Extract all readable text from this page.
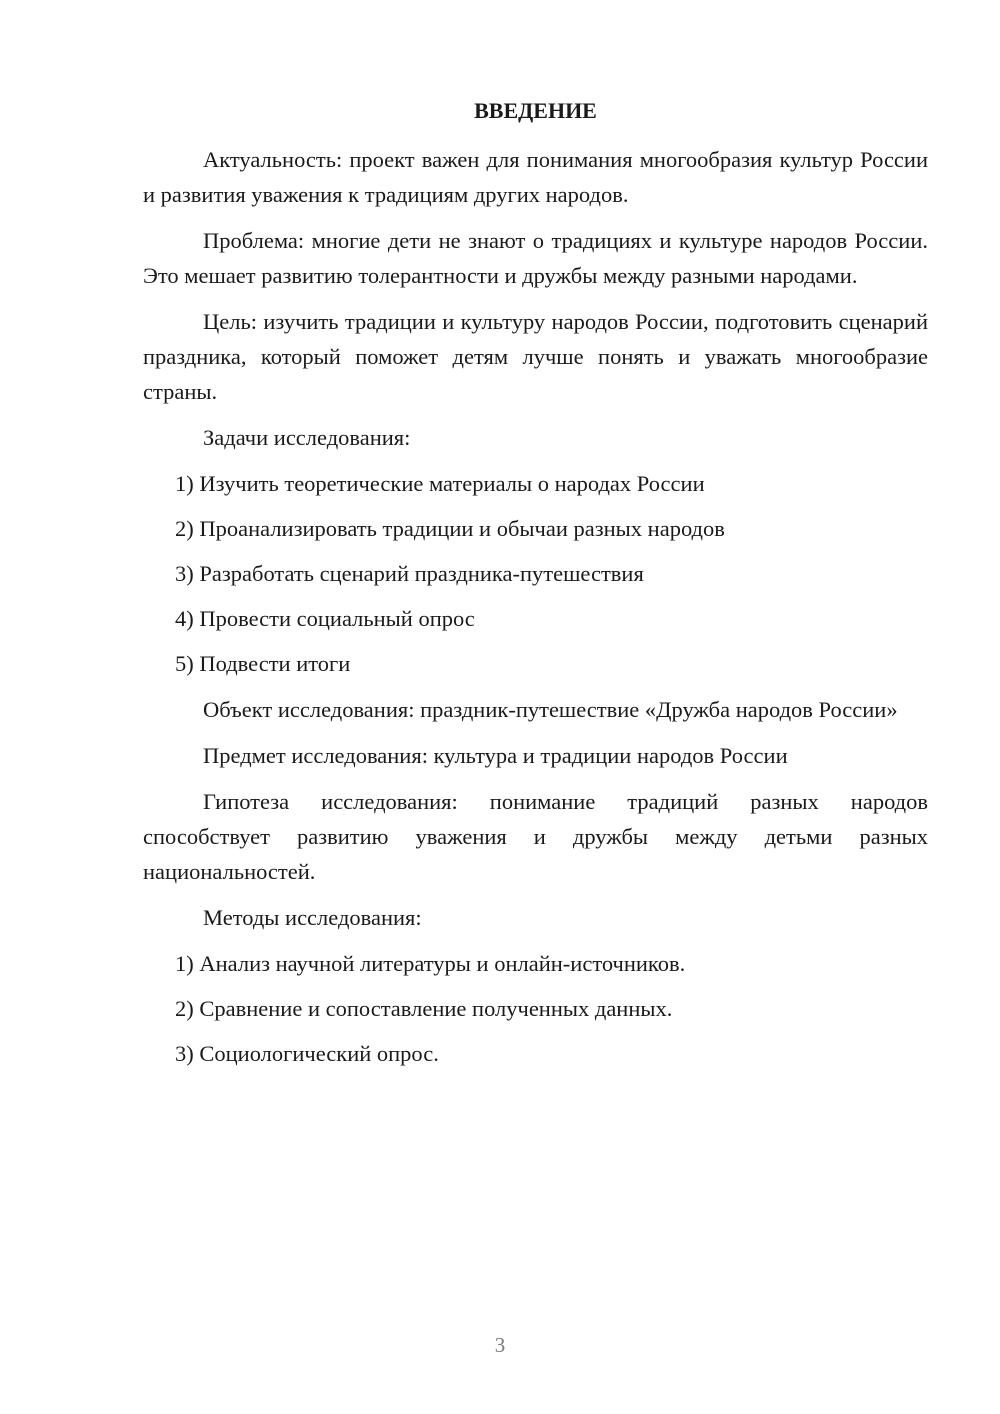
ВВЕДЕНИЕ

Актуальность: проект важен для понимания многообразия культур России и развития уважения к традициям других народов.

Проблема: многие дети не знают о традициях и культуре народов России. Это мешает развитию толерантности и дружбы между разными народами.

Цель: изучить традиции и культуру народов России, подготовить сценарий праздника, который поможет детям лучше понять и уважать многообразие страны.

Задачи исследования:

1) Изучить теоретические материалы о народах России
2) Проанализировать традиции и обычаи разных народов
3) Разработать сценарий праздника-путешествия
4) Провести социальный опрос
5) Подвести итоги

Объект исследования: праздник-путешествие «Дружба народов России»

Предмет исследования: культура и традиции народов России

Гипотеза исследования: понимание традиций разных народов способствует развитию уважения и дружбы между детьми разных национальностей.

Методы исследования:

1) Анализ научной литературы и онлайн-источников.
2) Сравнение и сопоставление полученных данных.
3) Социологический опрос.
3
